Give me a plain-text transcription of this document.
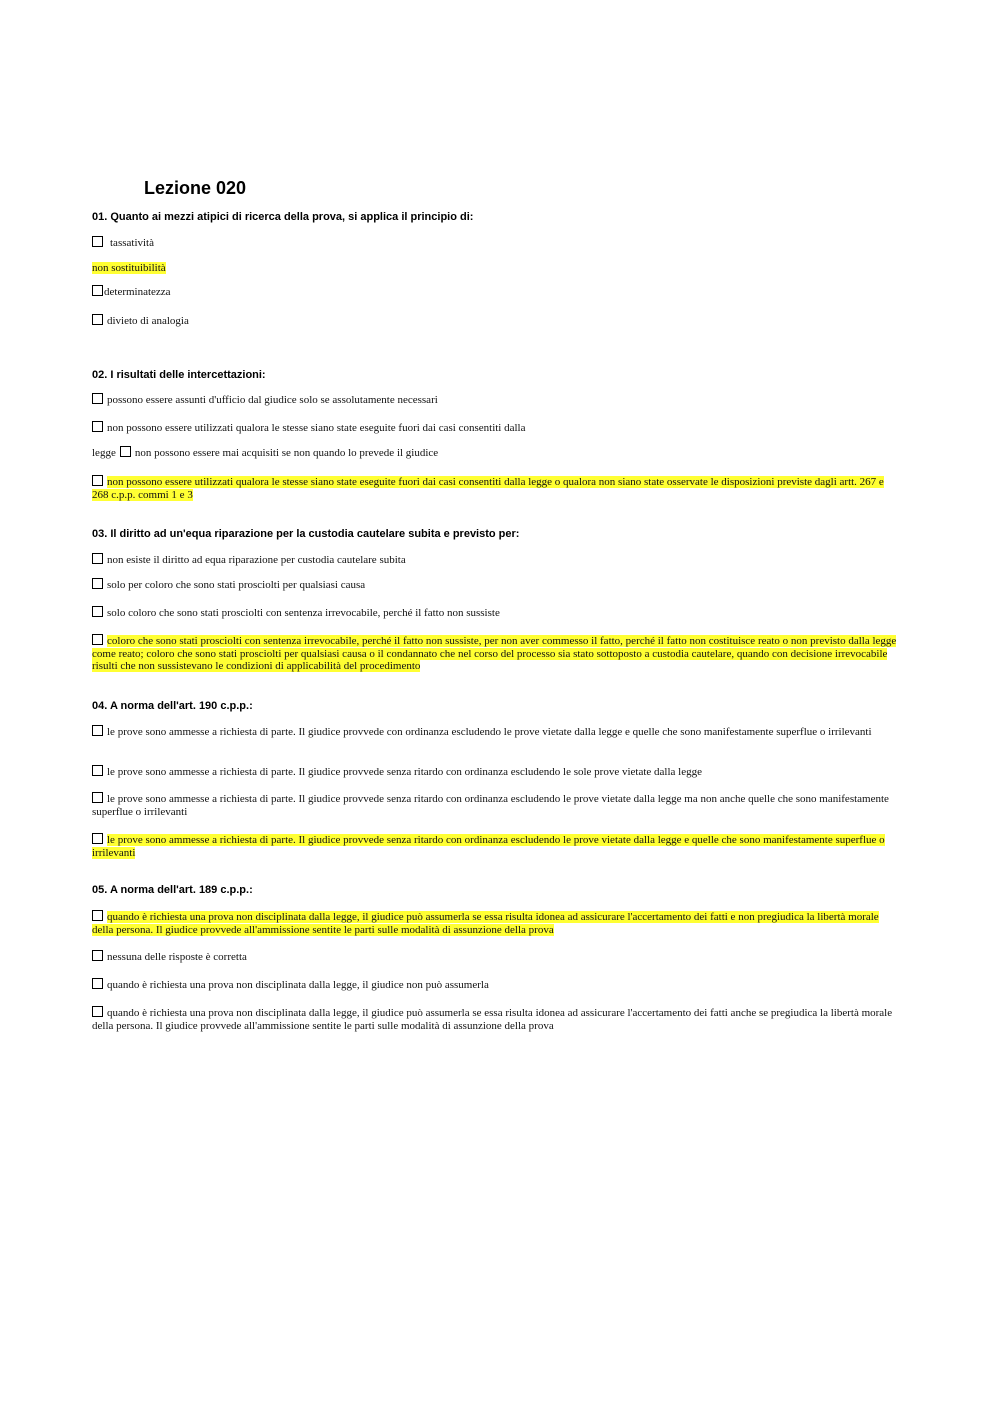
Lezione 020
01. Quanto ai mezzi atipici di ricerca della prova, si applica il principio di:
tassatività
non sostituibilità
determinatezza
divieto di analogia
02. I risultati delle intercettazioni:
possono essere assunti d'ufficio dal giudice solo se assolutamente necessari
non possono essere utilizzati qualora le stesse siano state eseguite fuori dai casi consentiti dalla
legge non possono essere mai acquisiti se non quando lo prevede il giudice
non possono essere utilizzati qualora le stesse siano state eseguite fuori dai casi consentiti dalla legge o qualora non siano state osservate le disposizioni previste dagli artt. 267 e 268 c.p.p. commi 1 e 3
03. Il diritto ad un'equa riparazione per la custodia cautelare subita e previsto per:
non esiste il diritto ad equa riparazione per custodia cautelare subita
solo per coloro che sono stati prosciolti per qualsiasi causa
solo coloro che sono stati prosciolti con sentenza irrevocabile, perché il fatto non sussiste
coloro che sono stati prosciolti con sentenza irrevocabile, perché il fatto non sussiste, per non aver commesso il fatto, perché il fatto non costituisce reato o non previsto dalla legge come reato; coloro che sono stati prosciolti per qualsiasi causa o il condannato che nel corso del processo sia stato sottoposto a custodia cautelare, quando con decisione irrevocabile risulti che non sussistevano le condizioni di applicabilità del procedimento
04. A norma dell'art. 190 c.p.p.:
le prove sono ammesse a richiesta di parte. Il giudice provvede con ordinanza escludendo le prove vietate dalla legge e quelle che sono manifestamente superflue o irrilevanti
le prove sono ammesse a richiesta di parte. Il giudice provvede senza ritardo con ordinanza escludendo le sole prove vietate dalla legge
le prove sono ammesse a richiesta di parte. Il giudice provvede senza ritardo con ordinanza escludendo le prove vietate dalla legge ma non anche quelle che sono manifestamente superflue o irrilevanti
le prove sono ammesse a richiesta di parte. Il giudice provvede senza ritardo con ordinanza escludendo le prove vietate dalla legge e quelle che sono manifestamente superflue o irrilevanti
05. A norma dell'art. 189 c.p.p.:
quando è richiesta una prova non disciplinata dalla legge, il giudice può assumerla se essa risulta idonea ad assicurare l'accertamento dei fatti e non pregiudica la libertà morale della persona. Il giudice provvede all'ammissione sentite le parti sulle modalità di assunzione della prova
nessuna delle risposte è corretta
quando è richiesta una prova non disciplinata dalla legge, il giudice non può assumerla
quando è richiesta una prova non disciplinata dalla legge, il giudice può assumerla se essa risulta idonea ad assicurare l'accertamento dei fatti anche se pregiudica la libertà morale della persona. Il giudice provvede all'ammissione sentite le parti sulle modalità di assunzione della prova
